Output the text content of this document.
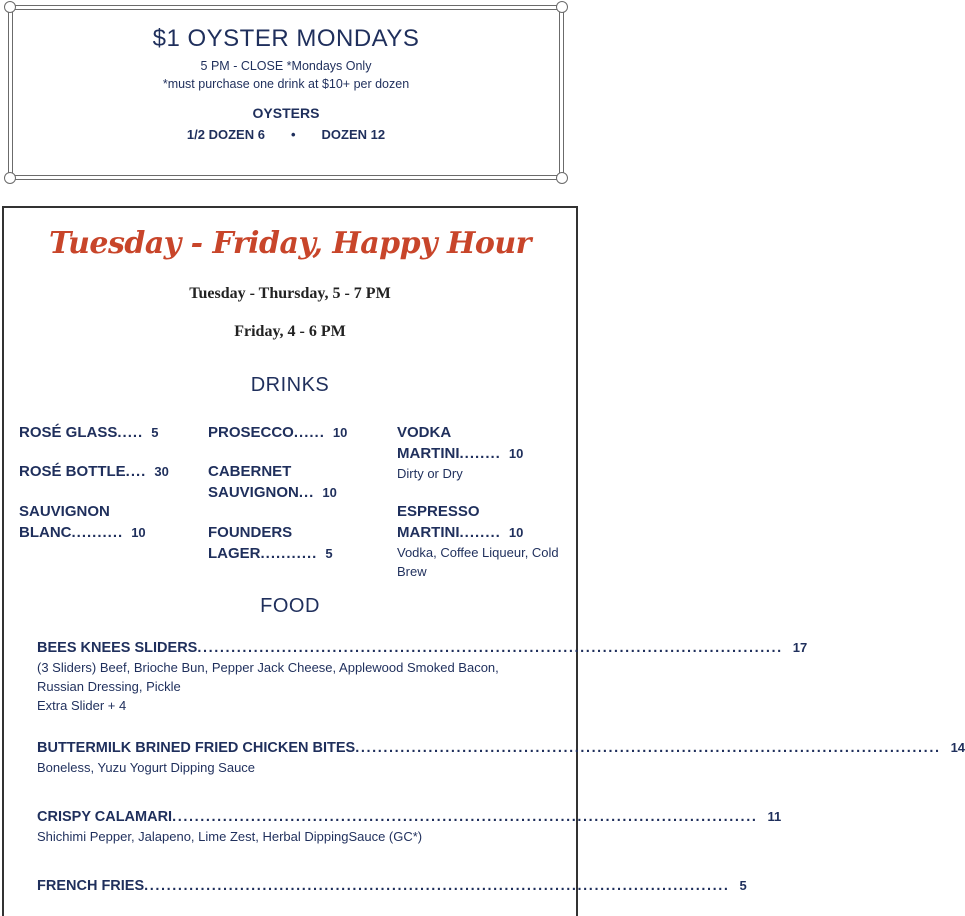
$1 OYSTER MONDAYS
5 PM - CLOSE *Mondays Only
*must purchase one drink at $10+ per dozen
OYSTERS
1/2 DOZEN 6 • DOZEN 12
Tuesday - Friday, Happy Hour
Tuesday - Thursday, 5 - 7 PM
Friday, 4 - 6 PM
DRINKS
ROSÉ GLASS..... 5
ROSÉ BOTTLE.... 30
SAUVIGNON
BLANC.......... 10
PROSECCO...... 10
CABERNET
SAUVIGNON... 10
FOUNDERS
LAGER........... 5
VODKA
MARTINI........ 10
Dirty or Dry
ESPRESSO
MARTINI........ 10
Vodka, Coffee Liqueur, Cold Brew
FOOD
BEES KNEES SLIDERS ........................................................................................................ 17
(3 Sliders) Beef, Brioche Bun, Pepper Jack Cheese, Applewood Smoked Bacon, Russian Dressing, Pickle
Extra Slider + 4
BUTTERMILK BRINED FRIED CHICKEN BITES ........................................................................................................ 14
Boneless, Yuzu Yogurt Dipping Sauce
CRISPY CALAMARI ........................................................................................................ 11
Shichimi Pepper, Jalapeno, Lime Zest, Herbal DippingSauce (GC*)
FRENCH FRIES ........................................................................................................ 5
